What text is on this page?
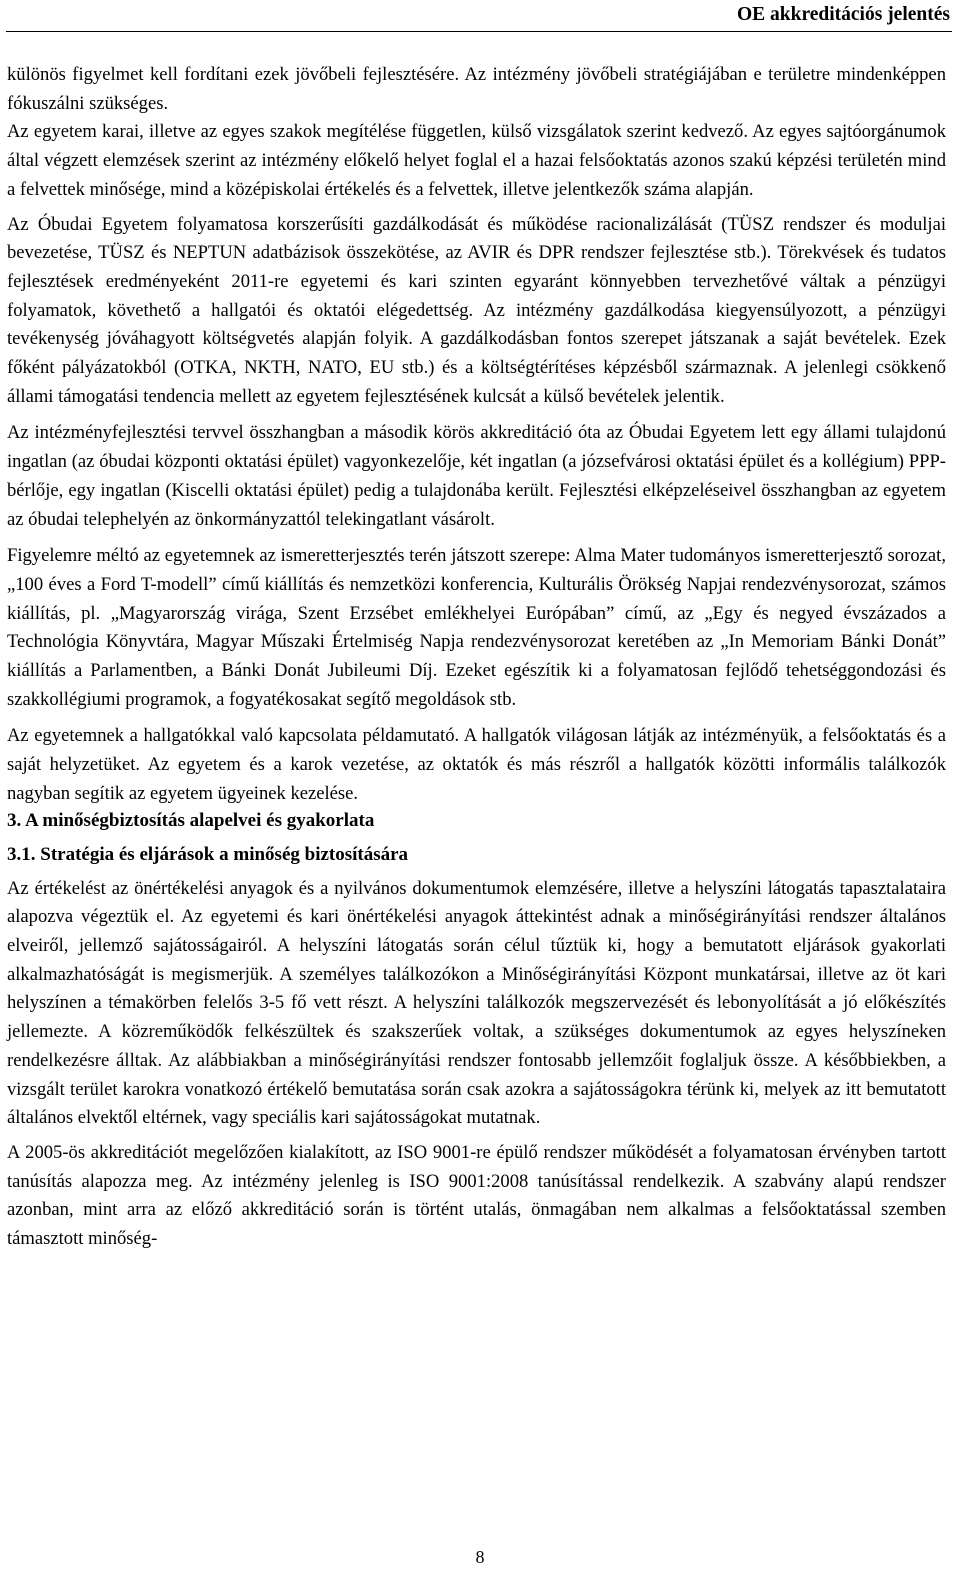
OE akkreditációs jelentés

különös figyelmet kell fordítani ezek jövőbeli fejlesztésére. Az intézmény jövőbeli stratégiájában e területre mindenképpen fókuszálni szükséges.

Az egyetem karai, illetve az egyes szakok megítélése független, külső vizsgálatok szerint kedvező. Az egyes sajtóorgánumok által végzett elemzések szerint az intézmény előkelő helyet foglal el a hazai felsőoktatás azonos szakú képzési területén mind a felvettek minősége, mind a középiskolai értékelés és a felvettek, illetve jelentkezők száma alapján.

Az Óbudai Egyetem folyamatosa korszerűsíti gazdálkodását és működése racionalizálását (TÜSZ rendszer és moduljai bevezetése, TÜSZ és NEPTUN adatbázisok összekötése, az AVIR és DPR rendszer fejlesztése stb.). Törekvések és tudatos fejlesztések eredményeként 2011-re egyetemi és kari szinten egyaránt könnyebben tervezhetővé váltak a pénzügyi folyamatok, követhető a hallgatói és oktatói elégedettség. Az intézmény gazdálkodása kiegyensúlyozott, a pénzügyi tevékenység jóváhagyott költségvetés alapján folyik. A gazdálkodásban fontos szerepet játszanak a saját bevételek. Ezek főként pályázatokból (OTKA, NKTH, NATO, EU stb.) és a költségtérítéses képzésből származnak. A jelenlegi csökkenő állami támogatási tendencia mellett az egyetem fejlesztésének kulcsát a külső bevételek jelentik.

Az intézményfejlesztési tervvel összhangban a második körös akkreditáció óta az Óbudai Egyetem lett egy állami tulajdonú ingatlan (az óbudai központi oktatási épület) vagyonkezelője, két ingatlan (a józsefvárosi oktatási épület és a kollégium) PPP-bérlője, egy ingatlan (Kiscelli oktatási épület) pedig a tulajdonába került. Fejlesztési elképzeléseivel összhangban az egyetem az óbudai telephelyén az önkormányzattól telekingatlant vásárolt.

Figyelemre méltó az egyetemnek az ismeretterjesztés terén játszott szerepe: Alma Mater tudományos ismeretterjesztő sorozat, „100 éves a Ford T-modell” című kiállítás és nemzetközi konferencia, Kulturális Örökség Napjai rendezvénysorozat, számos kiállítás, pl. „Magyarország virága, Szent Erzsébet emlékhelyei Európában” című, az „Egy és negyed évszázados a Technológia Könyvtára, Magyar Műszaki Értelmiség Napja rendezvénysorozat keretében az „In Memoriam Bánki Donát” kiállítás a Parlamentben, a Bánki Donát Jubileumi Díj. Ezeket egészítik ki a folyamatosan fejlődő tehetséggondozási és szakkollégiumi programok, a fogyatékosakat segítő megoldások stb.

Az egyetemnek a hallgatókkal való kapcsolata példamutató. A hallgatók világosan látják az intézményük, a felsőoktatás és a saját helyzetüket. Az egyetem és a karok vezetése, az oktatók és más részről a hallgatók közötti informális találkozók nagyban segítik az egyetem ügyeinek kezelése.

3. A minőségbiztosítás alapelvei és gyakorlata
3.1. Stratégia és eljárások a minőség biztosítására

Az értékelést az önértékelési anyagok és a nyilvános dokumentumok elemzésére, illetve a helyszíni látogatás tapasztalataira alapozva végeztük el. Az egyetemi és kari önértékelési anyagok áttekintést adnak a minőségirányítási rendszer általános elveiről, jellemző sajátosságairól. A helyszíni látogatás során célul tűztük ki, hogy a bemutatott eljárások gyakorlati alkalmazhatóságát is megismerjük. A személyes találkozókon a Minőségirányítási Központ munkatársai, illetve az öt kari helyszínen a témakörben felelős 3-5 fő vett részt. A helyszíni találkozók megszervezését és lebonyolítását a jó előkészítés jellemezte. A közreműködők felkészültek és szakszerűek voltak, a szükséges dokumentumok az egyes helyszíneken rendelkezésre álltak. Az alábbiakban a minőségirányítási rendszer fontosabb jellemzőit foglaljuk össze. A későbbiekben, a vizsgált terület karokra vonatkozó értékelő bemutatása során csak azokra a sajátosságokra térünk ki, melyek az itt bemutatott általános elvektől eltérnek, vagy speciális kari sajátosságokat mutatnak.

A 2005-ös akkreditációt megelőzően kialakított, az ISO 9001-re épülő rendszer működését a folyamatosan érvényben tartott tanúsítás alapozza meg. Az intézmény jelenleg is ISO 9001:2008 tanúsítással rendelkezik. A szabvány alapú rendszer azonban, mint arra az előző akkreditáció során is történt utalás, önmagában nem alkalmas a felsőoktatással szemben támasztott minőség-

8
